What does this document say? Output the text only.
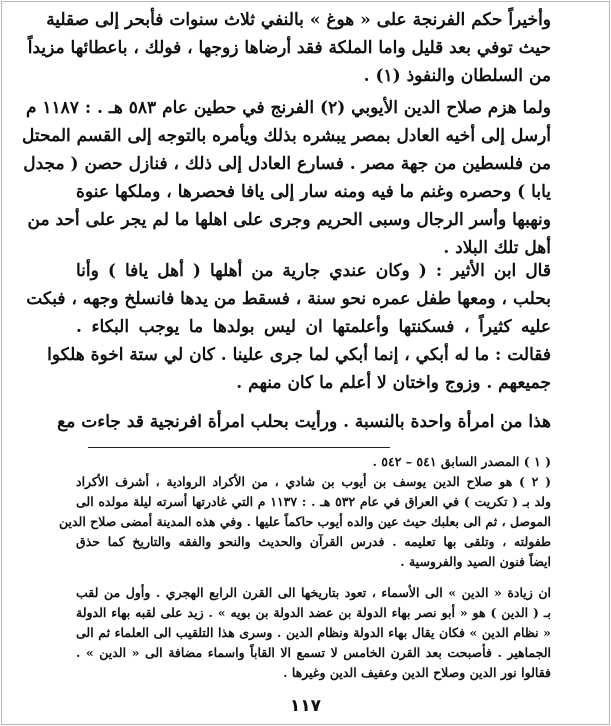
وأخيراً حكم الفرنجة على « هوغ » بالنفي ثلاث سنوات فأبحر إلى صقلية
حيث توفي بعد قليل واما الملكة فقد أرضاها زوجها ، فولك ، باعطائها مزيداً
من السلطان والنفوذ (١) .
ولما هزم صلاح الدين الأيوبي (٢) الفرنج في حطين عام ٥٨٣ هـ . : ١١٨٧ م
أرسل إلى أخيه العادل بمصر يبشره بذلك ويأمره بالتوجه إلى القسم المحتل
من فلسطين من جهة مصر . فسارع العادل إلى ذلك ، فنازل حصن ( مجدل
يابا ) وحصره وغنم ما فيه ومنه سار إلى يافا فحصرها ، وملكها عنوة
ونهبها وأسر الرجال وسبى الحريم وجرى على اهلها ما لم يجر على أحد من
أهل تلك البلاد .
قال ابن الأثير : ( وكان عندي جارية من أهلها ( أهل يافا ) وأنا
بحلب ، ومعها طفل عمره نحو سنة ، فسقط من يدها فانسلخ وجهه ، فبكت
عليه كثيراً ، فسكنتها وأعلمتها ان ليس بولدها ما يوجب البكاء .
فقالت : ما له أبكي ، إنما أبكي لما جرى علينا . كان لي ستة اخوة هلكوا
جميعهم . وزوج واختان لا أعلم ما كان منهم .
هذا من امرأة واحدة بالنسبة . ورأيت بحلب امرأة افرنجية قد جاءت مع
( ١ ) المصدر السابق ٥٤١ – ٥٤٢ .
( ٢ ) هو صلاح الدين يوسف بن أيوب بن شادي ، من الأكراد الروادية ، أشرف الأكراد
ولد بـ ( تكريت ) في العراق في عام ٥٣٢ هـ . : ١١٣٧ م التي غادرتها أسرته ليلة مولده الى
الموصل ، ثم الى بعلبك حيث عين والده أيوب حاكماً عليها . وفي هذه المدينة أمضى صلاح الدين
طفولته ، وتلقى بها تعليمه . فدرس القرآن والحديث والنحو والفقه والتاريخ كما حذق
ايضاً فنون الصيد والفروسية .
ان زيادة « الدين » الى الأسماء ، تعود بتاريخها الى القرن الرابع الهجري . وأول من لقب
بـ ( الدين ) هو « أبو نصر بهاء الدولة بن عضد الدولة بن بويه » . زيد على لقبه بهاء الدولة
« نظام الدين » فكان يقال بهاء الدولة ونظام الدين . وسرى هذا التلقيب الى العلماء ثم الى
الجماهير . فأصبحت بعد القرن الخامس لا تسمع الا القاباً واسماء مضافة الى « الدين » .
فقالوا نور الدين وصلاح الدين وعفيف الدين وغيرها .
١١٧
